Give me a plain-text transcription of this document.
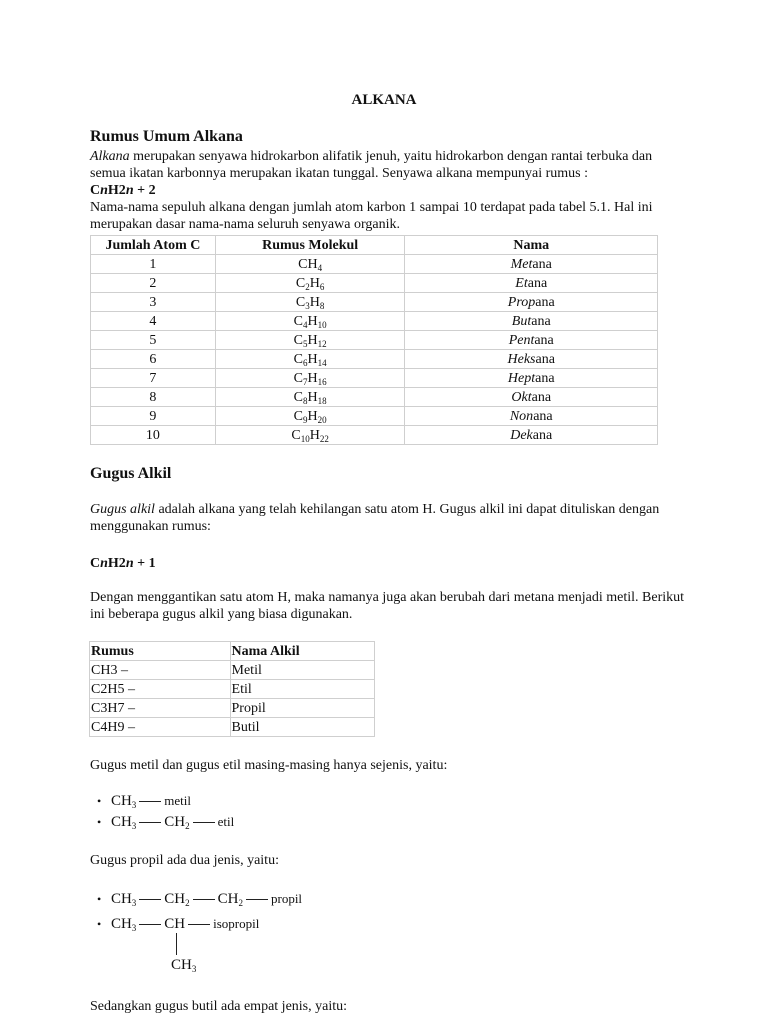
ALKANA
Rumus Umum Alkana
Alkana merupakan senyawa hidrokarbon alifatik jenuh, yaitu hidrokarbon dengan rantai terbuka dan semua ikatan karbonnya merupakan ikatan tunggal. Senyawa alkana mempunyai rumus :
CnH2n + 2
Nama-nama sepuluh alkana dengan jumlah atom karbon 1 sampai 10 terdapat pada tabel 5.1. Hal ini merupakan dasar nama-nama seluruh senyawa organik.
Jumlah Atom C	Rumus Molekul	Nama
1	$CH_4$	Metana
2	$C_2H_6$	Etana
3	$C_3H_8$	Propana
4	$C_4H_{10}$	Butana
5	$C_5H_{12}$	Pentana
6	$C_6H_{14}$	Heksana
7	$C_7H_{16}$	Heptana
8	$C_8H_{18}$	Oktana
9	$C_9H_{20}$	Nonana
10	$C_{10}H_{22}$	Dekana
Gugus Alkil
Gugus alkil adalah alkana yang telah kehilangan satu atom H. Gugus alkil ini dapat dituliskan dengan menggunakan rumus:
CnH2n + 1
Dengan menggantikan satu atom H, maka namanya juga akan berubah dari metana menjadi metil. Berikut ini beberapa gugus alkil yang biasa digunakan.
Rumus	Nama Alkil
CH3 –	Metil
C2H5 –	Etil
C3H7 –	Propil
C4H9 –	Butil
Gugus metil dan gugus etil masing-masing hanya sejenis, yaitu:
• $CH_3$ metil
• $CH_3$ $CH_2$ etil
Gugus propil ada dua jenis, yaitu:
• $CH_3$ $CH_2$ $CH_2$ propil
• $CH_3$ CH isopropil
$CH_3$
Sedangkan gugus butil ada empat jenis, yaitu:
